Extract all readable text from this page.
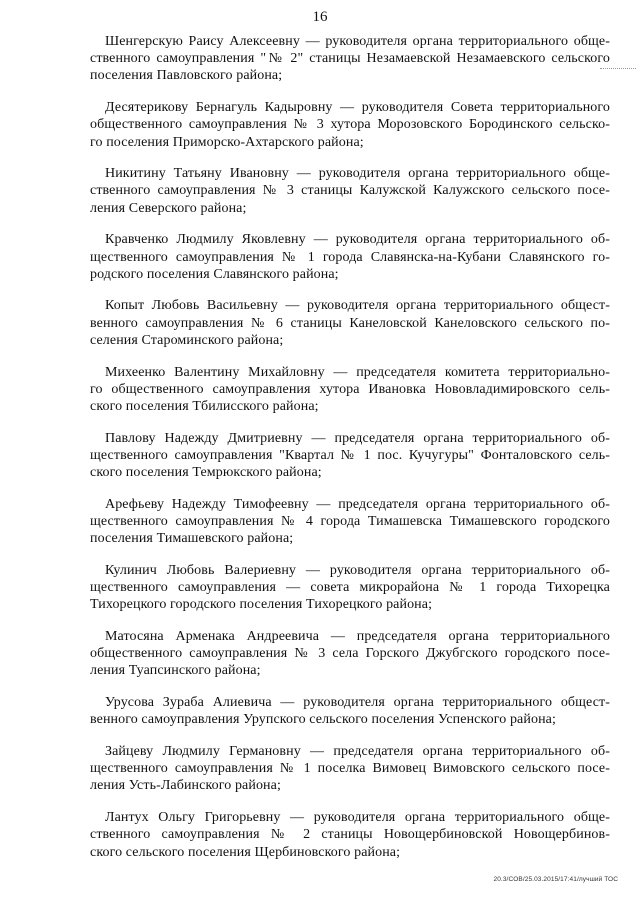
16
Шенгерскую Раису Алексеевну — руководителя органа территориального обще-
ственного самоуправления "№ 2" станицы Незамаевской Незамаевского сельского
поселения Павловского района;
Десятерикову Бернагуль Кадыровну — руководителя Совета территориального
общественного самоуправления № 3 хутора Морозовского Бородинского сельско-
го поселения Приморско-Ахтарского района;
Никитину Татьяну Ивановну — руководителя органа территориального обще-
ственного самоуправления № 3 станицы Калужской Калужского сельского посе-
ления Северского района;
Кравченко Людмилу Яковлевну — руководителя органа территориального об-
щественного самоуправления № 1 города Славянска-на-Кубани Славянского го-
родского поселения Славянского района;
Копыт Любовь Васильевну — руководителя органа территориального общест-
венного самоуправления № 6 станицы Канеловской Канеловского сельского по-
селения Староминского района;
Михеенко Валентину Михайловну — председателя комитета территориально-
го общественного самоуправления хутора Ивановка Нововладимировского сель-
ского поселения Тбилисского района;
Павлову Надежду Дмитриевну — председателя органа территориального об-
щественного самоуправления "Квартал № 1 пос. Кучугуры" Фонталовского сель-
ского поселения Темрюкского района;
Арефьеву Надежду Тимофеевну — председателя органа территориального об-
щественного самоуправления № 4 города Тимашевска Тимашевского городского
поселения Тимашевского района;
Кулинич Любовь Валериевну — руководителя органа территориального об-
щественного самоуправления — совета микрорайона № 1 города Тихорецка
Тихорецкого городского поселения Тихорецкого района;
Матосяна Арменака Андреевича — председателя органа территориального
общественного самоуправления № 3 села Горского Джубгского городского посе-
ления Туапсинского района;
Урусова Зураба Алиевича — руководителя органа территориального общест-
венного самоуправления Урупского сельского поселения Успенского района;
Зайцеву Людмилу Германовну — председателя органа территориального об-
щественного самоуправления № 1 поселка Вимовец Вимовского сельского посе-
ления Усть-Лабинского района;
Лантух Ольгу Григорьевну — руководителя органа территориального обще-
ственного самоуправления № 2 станицы Новощербиновской Новощербинов-
ского сельского поселения Щербиновского района;
20.3/COB/25.03.2015/17:41/лучший ТОС
